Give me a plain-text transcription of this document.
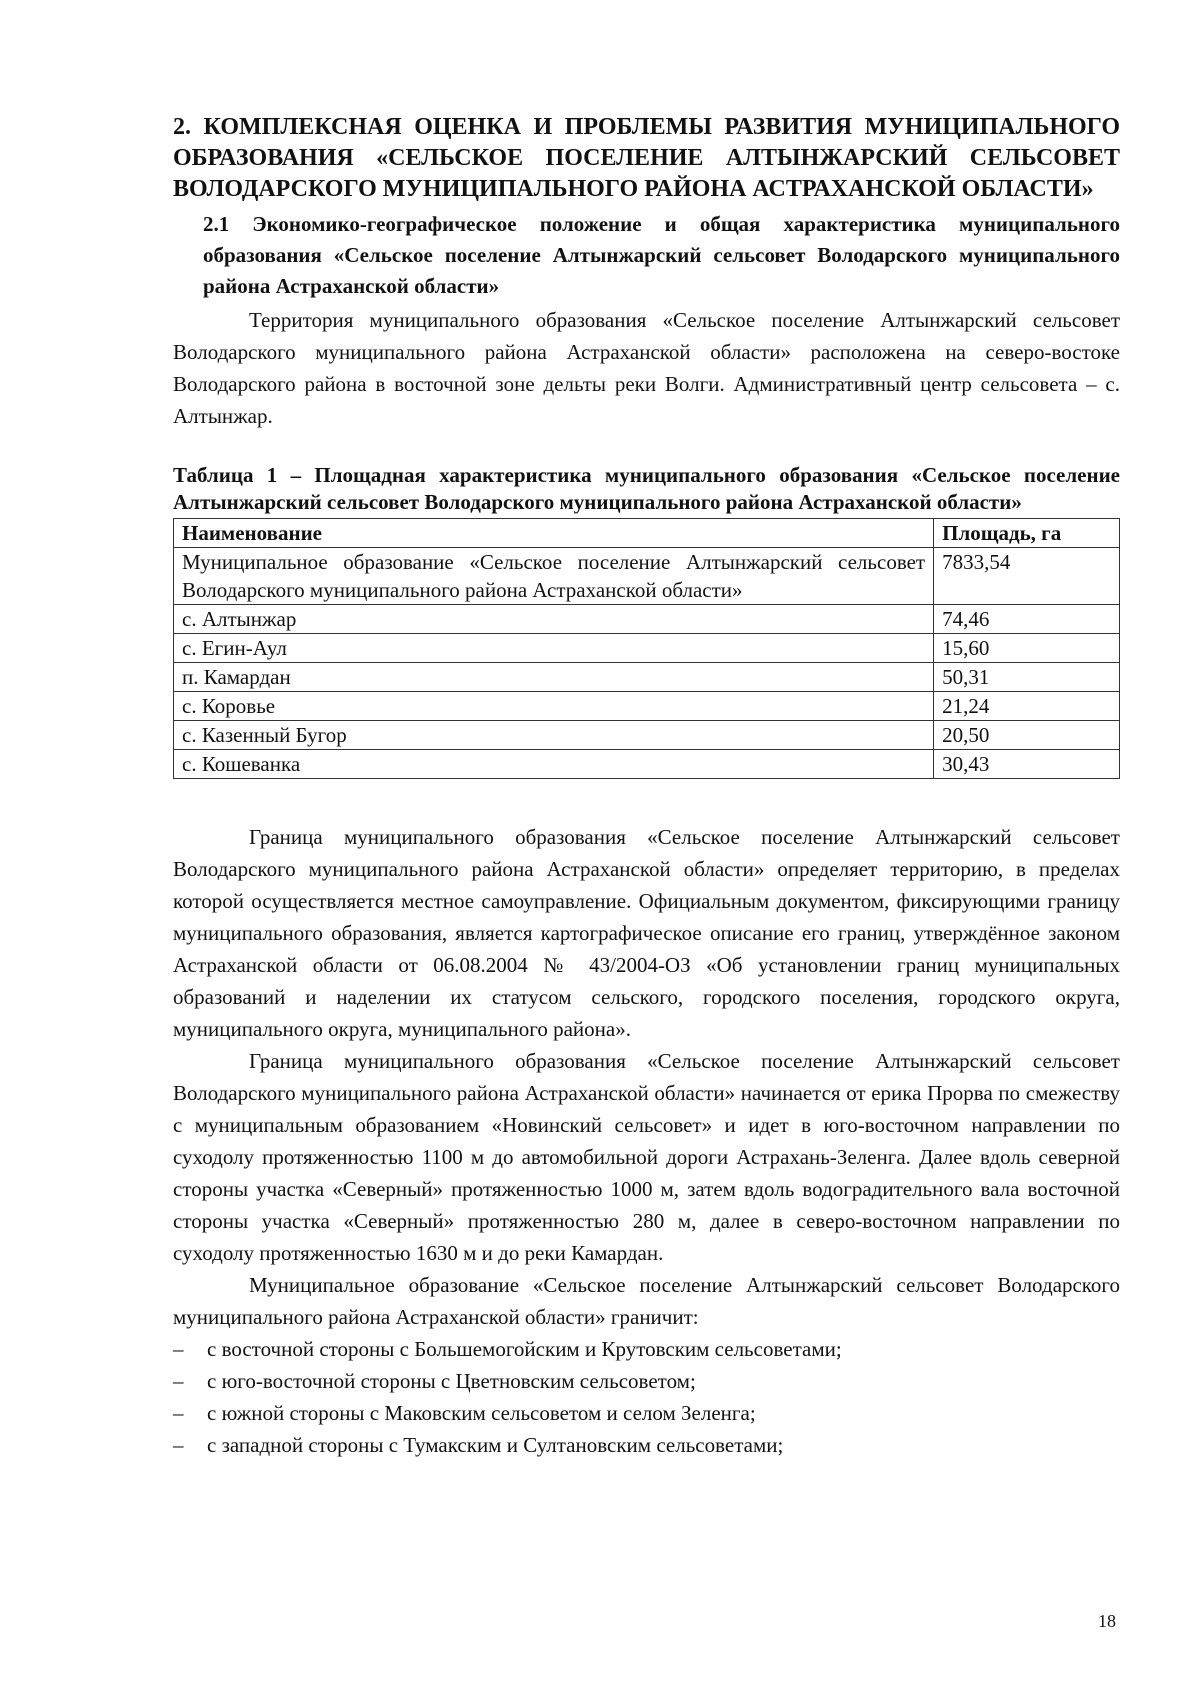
2. КОМПЛЕКСНАЯ ОЦЕНКА И ПРОБЛЕМЫ РАЗВИТИЯ МУНИЦИПАЛЬНОГО ОБРАЗОВАНИЯ «СЕЛЬСКОЕ ПОСЕЛЕНИЕ АЛТЫНЖАРСКИЙ СЕЛЬСОВЕТ
ВОЛОДАРСКОГО МУНИЦИПАЛЬНОГО РАЙОНА АСТРАХАНСКОЙ ОБЛАСТИ»

2.1 Экономико-географическое положение и общая характеристика муниципального образования «Сельское поселение Алтынжарский сельсовет Володарского муниципального района Астраханской области»

Территория муниципального образования «Сельское поселение Алтынжарский сельсовет Володарского муниципального района Астраханской области» расположена на северо-востоке Володарского района в восточной зоне дельты реки Волги. Административный центр сельсовета – с. Алтынжар.

Таблица 1 – Площадная характеристика муниципального образования «Сельское поселение Алтынжарский сельсовет Володарского муниципального района Астраханской области»

Наименование	Площадь, га
Муниципальное образование «Сельское поселение Алтынжарский сельсовет Володарского муниципального района Астраханской области»	7833,54
с. Алтынжар	74,46
с. Егин-Аул	15,60
п. Камардан	50,31
с. Коровье	21,24
с. Казенный Бугор	20,50
с. Кошеванка	30,43

Граница муниципального образования «Сельское поселение Алтынжарский сельсовет Володарского муниципального района Астраханской области» определяет территорию, в пределах которой осуществляется местное самоуправление. Официальным документом, фиксирующими границу муниципального образования, является картографическое описание его границ, утверждённое законом Астраханской области от 06.08.2004 № 43/2004-ОЗ «Об установлении границ муниципальных образований и наделении их статусом сельского, городского поселения, городского округа, муниципального округа, муниципального района».

Граница муниципального образования «Сельское поселение Алтынжарский сельсовет Володарского муниципального района Астраханской области» начинается от ерика Прорва по смежеству с муниципальным образованием «Новинский сельсовет» и идет в юго-восточном направлении по суходолу протяженностью 1100 м до автомобильной дороги Астрахань-Зеленга. Далее вдоль северной стороны участка «Северный» протяженностью 1000 м, затем вдоль водоградительного вала восточной стороны участка «Северный» протяженностью 280 м, далее в северо-восточном направлении по суходолу протяженностью 1630 м и до реки Камардан.

Муниципальное образование «Сельское поселение Алтынжарский сельсовет Володарского муниципального района Астраханской области» граничит:

– с восточной стороны с Большемогойским и Крутовским сельсоветами;
– с юго-восточной стороны с Цветновским сельсоветом;
– с южной стороны с Маковским сельсоветом и селом Зеленга;
– с западной стороны с Тумакским и Султановским сельсоветами;
18
